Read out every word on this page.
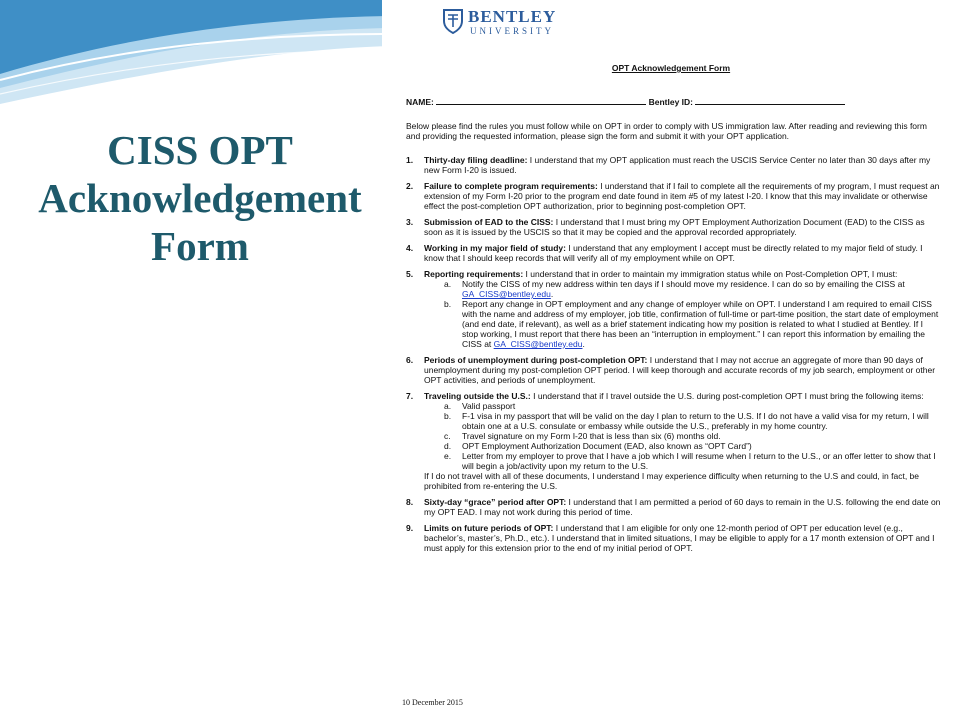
CISS OPT
Acknowledgement
Form
BENTLEY
UNIVERSITY
OPT Acknowledgement Form
NAME:	Bentley ID:
Below please find the rules you must follow while on OPT in order to comply with US immigration law. After reading and reviewing this form and providing the requested information, please sign the form and submit it with your OPT application.
1. Thirty-day filing deadline: I understand that my OPT application must reach the USCIS Service Center no later than 30 days after my new Form I-20 is issued.
2. Failure to complete program requirements: I understand that if I fail to complete all the requirements of my program, I must request an extension of my Form I-20 prior to the program end date found in item #5 of my latest I-20. I know that this may invalidate or otherwise effect the post-completion OPT authorization, prior to beginning post-completion OPT.
3. Submission of EAD to the CISS: I understand that I must bring my OPT Employment Authorization Document (EAD) to the CISS as soon as it is issued by the USCIS so that it may be copied and the approval recorded appropriately.
4. Working in my major field of study: I understand that any employment I accept must be directly related to my major field of study. I know that I should keep records that will verify all of my employment while on OPT.
5. Reporting requirements: I understand that in order to maintain my immigration status while on Post-Completion OPT, I must:
a. Notify the CISS of my new address within ten days if I should move my residence. I can do so by emailing the CISS at GA_CISS@bentley.edu.
b. Report any change in OPT employment and any change of employer while on OPT. I understand I am required to email CISS with the name and address of my employer, job title, confirmation of full-time or part-time position, the start date of employment (and end date, if relevant), as well as a brief statement indicating how my position is related to what I studied at Bentley. If I stop working, I must report that there has been an “interruption in employment.” I can report this information by emailing the CISS at GA_CISS@bentley.edu.
6. Periods of unemployment during post-completion OPT: I understand that I may not accrue an aggregate of more than 90 days of unemployment during my post-completion OPT period. I will keep thorough and accurate records of my job search, employment or other OPT activities, and periods of unemployment.
7. Traveling outside the U.S.: I understand that if I travel outside the U.S. during post-completion OPT I must bring the following items:
a. Valid passport
b. F-1 visa in my passport that will be valid on the day I plan to return to the U.S. If I do not have a valid visa for my return, I will obtain one at a U.S. consulate or embassy while outside the U.S., preferably in my home country.
c. Travel signature on my Form I-20 that is less than six (6) months old.
d. OPT Employment Authorization Document (EAD, also known as “OPT Card”)
e. Letter from my employer to prove that I have a job which I will resume when I return to the U.S., or an offer letter to show that I will begin a job/activity upon my return to the U.S.
If I do not travel with all of these documents, I understand I may experience difficulty when returning to the U.S and could, in fact, be prohibited from re-entering the U.S.
8. Sixty-day “grace” period after OPT: I understand that I am permitted a period of 60 days to remain in the U.S. following the end date on my OPT EAD. I may not work during this period of time.
9. Limits on future periods of OPT: I understand that I am eligible for only one 12-month period of OPT per education level (e.g., bachelor’s, master’s, Ph.D., etc.). I understand that in limited situations, I may be eligible to apply for a 17 month extension of OPT and I must apply for this extension prior to the end of my initial period of OPT.
10 December 2015
